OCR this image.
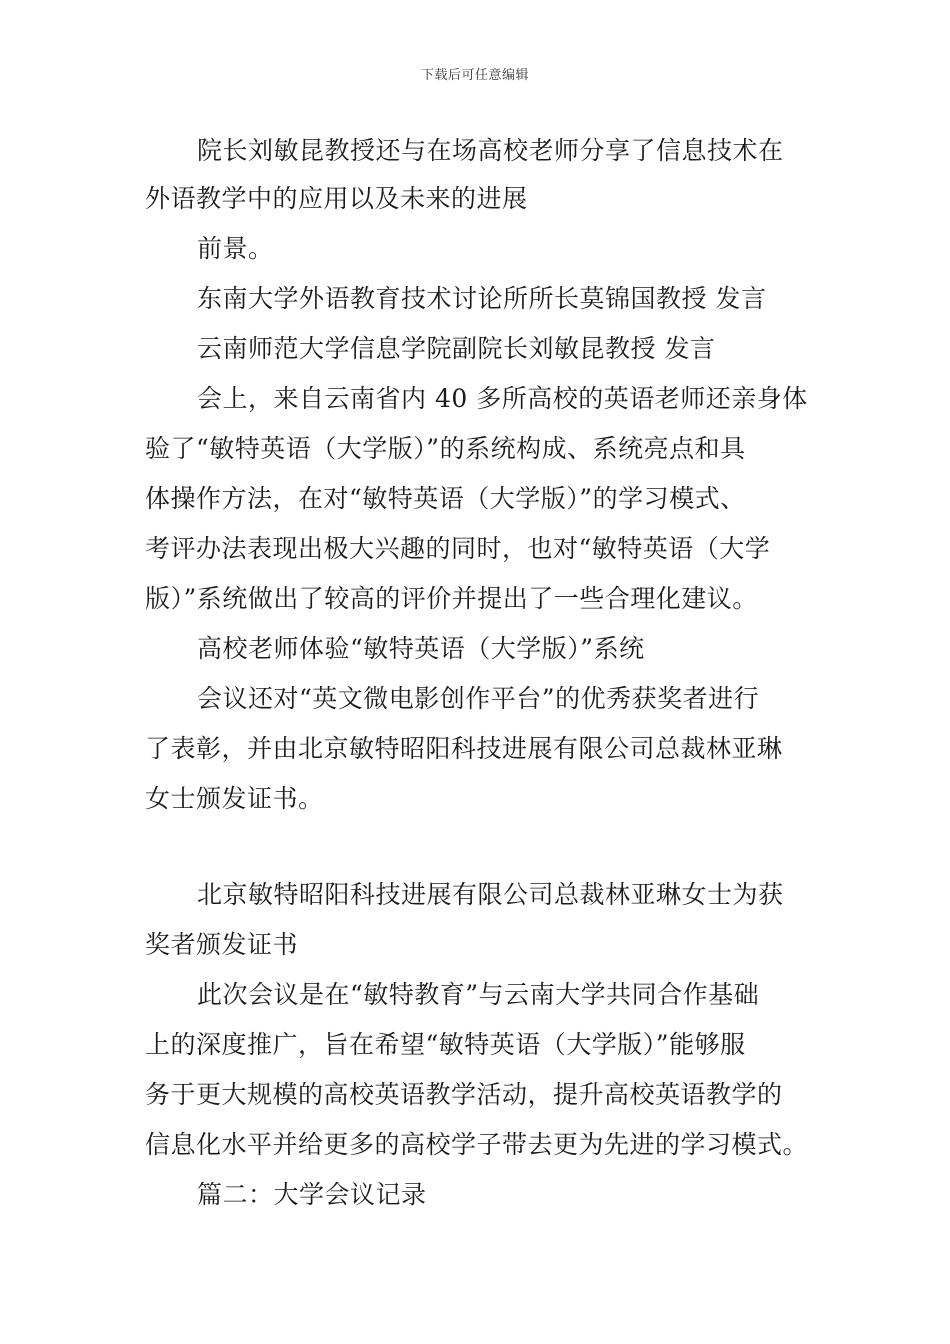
下载后可任意编辑

院长刘敏昆教授还与在场高校老师分享了信息技术在

外语教学中的应用以及未来的进展

前景。

东南大学外语教育技术讨论所所长莫锦国教授 发言

云南师范大学信息学院副院长刘敏昆教授 发言

会上，来自云南省内 40 多所高校的英语老师还亲身体

验了“敏特英语（大学版）”的系统构成、系统亮点和具

体操作方法，在对“敏特英语（大学版）”的学习模式、

考评办法表现出极大兴趣的同时，也对“敏特英语（大学

版）”系统做出了较高的评价并提出了一些合理化建议。

高校老师体验“敏特英语（大学版）”系统

会议还对“英文微电影创作平台”的优秀获奖者进行

了表彰，并由北京敏特昭阳科技进展有限公司总裁林亚琳

女士颁发证书。

北京敏特昭阳科技进展有限公司总裁林亚琳女士为获

奖者颁发证书

此次会议是在“敏特教育”与云南大学共同合作基础

上的深度推广，旨在希望“敏特英语（大学版）”能够服

务于更大规模的高校英语教学活动，提升高校英语教学的

信息化水平并给更多的高校学子带去更为先进的学习模式。

篇二：大学会议记录
